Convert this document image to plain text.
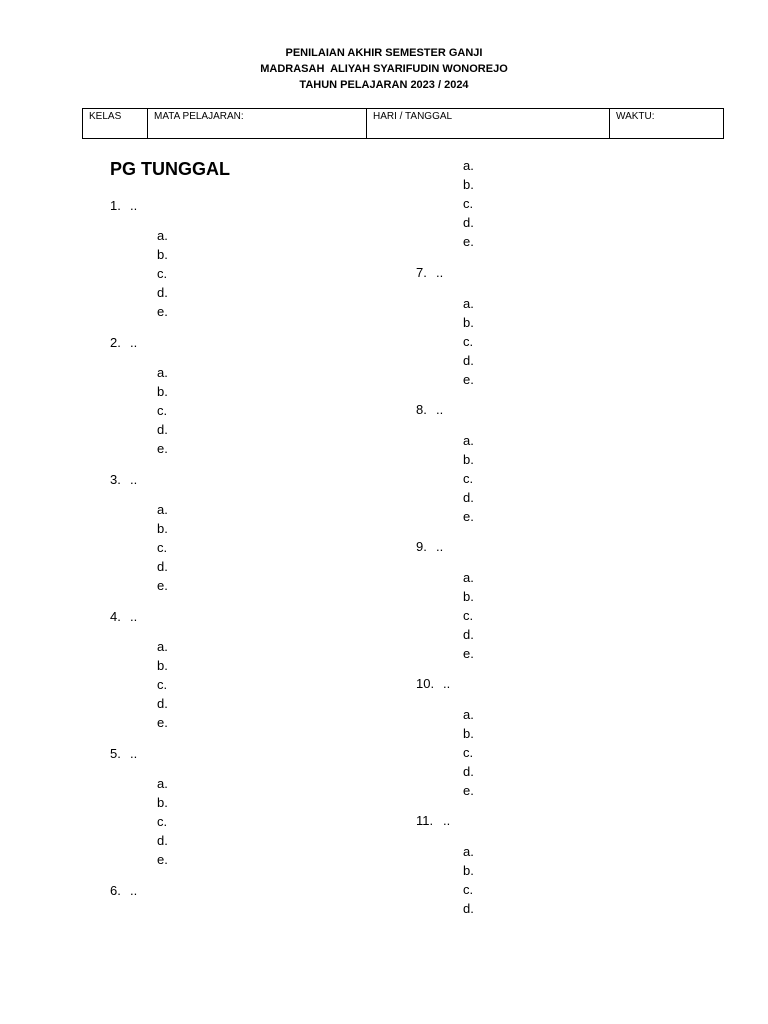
PENILAIAN AKHIR SEMESTER GANJI
MADRASAH  ALIYAH SYARIFUDIN WONOREJO
TAHUN PELAJARAN 2023 / 2024
KELAS	MATA PELAJARAN:	HARI / TANGGAL	WAKTU:
PG TUNGGAL
1. ..
a.
b.
c.
d.
e.
2. ..
a.
b.
c.
d.
e.
3. ..
a.
b.
c.
d.
e.
4. ..
a.
b.
c.
d.
e.
5. ..
a.
b.
c.
d.
e.
6. ..
7. ..
a.
b.
c.
d.
e.
8. ..
a.
b.
c.
d.
e.
9. ..
a.
b.
c.
d.
e.
10. ..
a.
b.
c.
d.
e.
11. ..
a.
b.
c.
d.
a.
b.
c.
d.
e.
